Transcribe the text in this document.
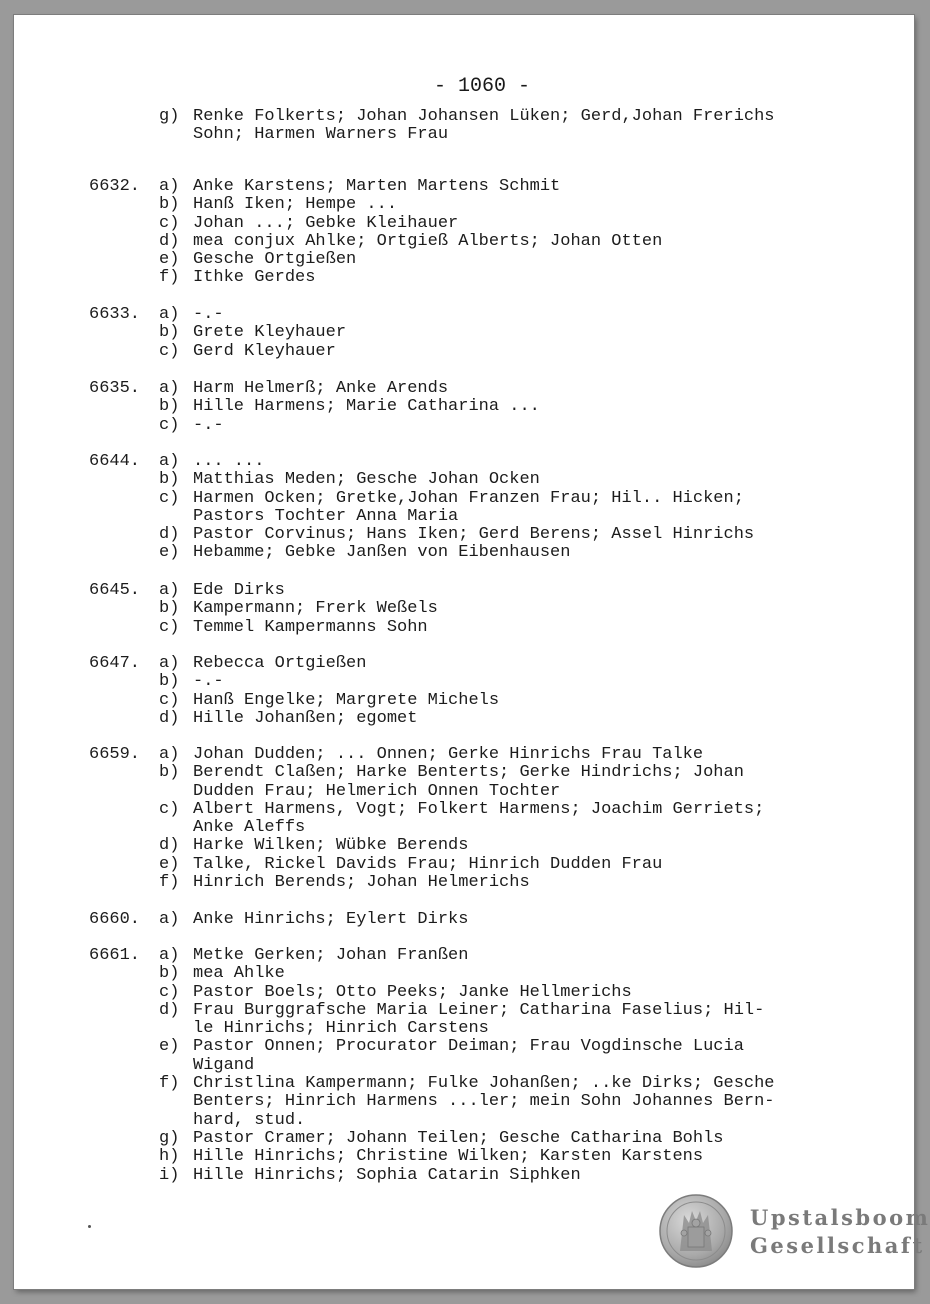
- 1060 -
g) Renke Folkerts; Johan Johansen Lüken; Gerd,Johan Frerichs
Sohn; Harmen Warners Frau
6632.	a) Anke Karstens; Marten Martens Schmit
b) Hanß Iken; Hempe ...
c) Johan ...; Gebke Kleihauer
d) mea conjux Ahlke; Ortgieß Alberts; Johan Otten
e) Gesche Ortgießen
f) Ithke Gerdes
6633.	a) -.-
b) Grete Kleyhauer
c) Gerd Kleyhauer
6635.	a) Harm Helmerß; Anke Arends
b) Hille Harmens; Marie Catharina ...
c) -.-
6644.	a) ... ...
b) Matthias Meden; Gesche Johan Ocken
c) Harmen Ocken; Gretke,Johan Franzen Frau; Hil.. Hicken;
Pastors Tochter Anna Maria
d) Pastor Corvinus; Hans Iken; Gerd Berens; Assel Hinrichs
e) Hebamme; Gebke Janßen von Eibenhausen
6645.	a) Ede Dirks
b) Kampermann; Frerk Weßels
c) Temmel Kampermanns Sohn
6647.	a) Rebecca Ortgießen
b) -.-
c) Hanß Engelke; Margrete Michels
d) Hille Johanßen; egomet
6659.	a) Johan Dudden; ... Onnen; Gerke Hinrichs Frau Talke
b) Berendt Claßen; Harke Benterts; Gerke Hindrichs; Johan
Dudden Frau; Helmerich Onnen Tochter
c) Albert Harmens, Vogt; Folkert Harmens; Joachim Gerriets;
Anke Aleffs
d) Harke Wilken; Wübke Berends
e) Talke, Rickel Davids Frau; Hinrich Dudden Frau
f) Hinrich Berends; Johan Helmerichs
6660.	a) Anke Hinrichs; Eylert Dirks
6661.	a) Metke Gerken; Johan Franßen
b) mea Ahlke
c) Pastor Boels; Otto Peeks; Janke Hellmerichs
d) Frau Burggrafsche Maria Leiner; Catharina Faselius; Hil-
le Hinrichs; Hinrich Carstens
e) Pastor Onnen; Procurator Deiman; Frau Vogdinsche Lucia
Wigand
f) Christlina Kampermann; Fulke Johanßen; ..ke Dirks; Gesche
Benters; Hinrich Harmens ...ler; mein Sohn Johannes Bern-
hard, stud.
g) Pastor Cramer; Johann Teilen; Gesche Catharina Bohls
h) Hille Hinrichs; Christine Wilken; Karsten Karstens
i) Hille Hinrichs; Sophia Catarin Siphken
Upstalsboom
Gesellschaft
